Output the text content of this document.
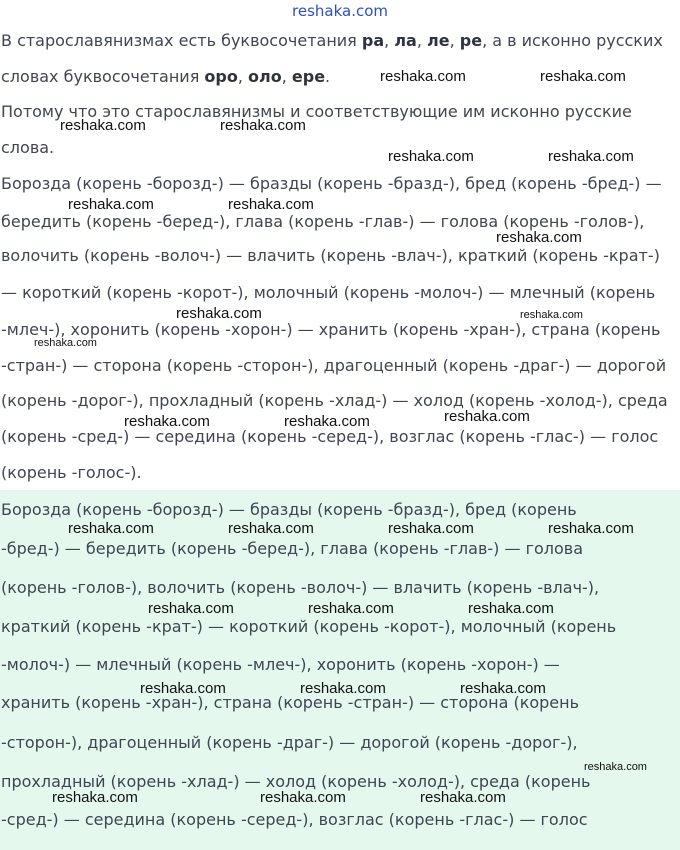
reshaka.com
В старославянизмах есть буквосочетания ра, ла, ле, ре, а в исконно русских
словах буквосочетания оро, оло, ере.
Потому что это старославянизмы и соответствующие им исконно русские
слова.
Борозда (корень -борозд-) — бразды (корень -бразд-), бред (корень -бред-) —
бередить (корень -беред-), глава (корень -глав-) — голова (корень -голов-),
волочить (корень -волоч-) — влачить (корень -влач-), краткий (корень -крат-)
— короткий (корень -корот-), молочный (корень -молоч-) — млечный (корень
-млеч-), хоронить (корень -хорон-) — хранить (корень -хран-), страна (корень
-стран-) — сторона (корень -сторон-), драгоценный (корень -драг-) — дорогой
(корень -дорог-), прохладный (корень -хлад-) — холод (корень -холод-), среда
(корень -сред-) — середина (корень -серед-), возглас (корень -глас-) — голос
(корень -голос-).
Борозда (корень -борозд-) — бразды (корень -бразд-), бред (корень
-бред-) — бередить (корень -беред-), глава (корень -глав-) — голова
(корень -голов-), волочить (корень -волоч-) — влачить (корень -влач-),
краткий (корень -крат-) — короткий (корень -корот-), молочный (корень
-молоч-) — млечный (корень -млеч-), хоронить (корень -хорон-) —
хранить (корень -хран-), страна (корень -стран-) — сторона (корень
-сторон-), драгоценный (корень -драг-) — дорогой (корень -дорог-),
прохладный (корень -хлад-) — холод (корень -холод-), среда (корень
-сред-) — середина (корень -серед-), возглас (корень -глас-) — голос
reshaka.com	reshaka.com
reshaka.com	reshaka.com
reshaka.com	reshaka.com
reshaka.com	reshaka.com
reshaka.com
reshaka.com	reshaka.com
reshaka.com
reshaka.com
reshaka.com	reshaka.com
reshaka.com	reshaka.com	reshaka.com	reshaka.com
reshaka.com	reshaka.com	reshaka.com
reshaka.com	reshaka.com	reshaka.com
reshaka.com
reshaka.com	reshaka.com	reshaka.com
